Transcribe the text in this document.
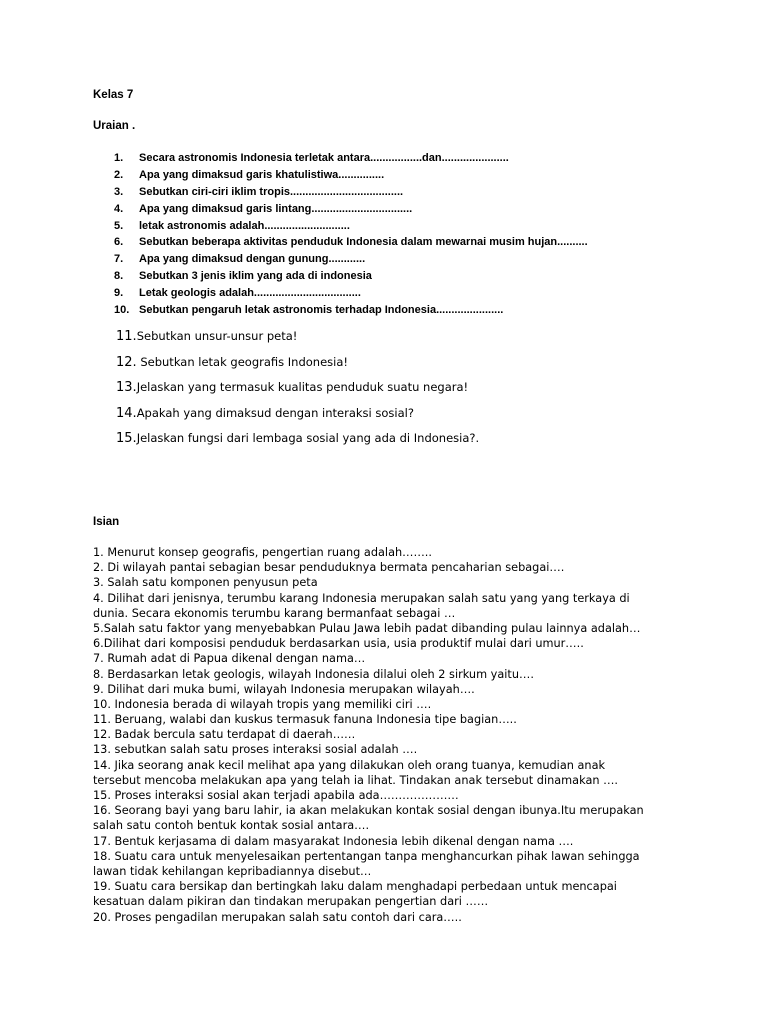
Kelas 7
Uraian .
1. Secara astronomis Indonesia terletak antara.................dan......................
2. Apa yang dimaksud garis khatulistiwa...............
3. Sebutkan ciri-ciri iklim tropis.....................................
4. Apa yang dimaksud garis lintang.................................
5. letak astronomis adalah............................
6. Sebutkan beberapa aktivitas penduduk Indonesia dalam mewarnai musim hujan..........
7. Apa yang dimaksud dengan gunung............
8. Sebutkan 3 jenis iklim yang ada di indonesia
9. Letak geologis adalah...................................
10. Sebutkan pengaruh letak astronomis terhadap Indonesia......................
11.Sebutkan unsur-unsur peta!
12. Sebutkan letak geografis Indonesia!
13.Jelaskan yang termasuk kualitas penduduk suatu negara!
14.Apakah yang dimaksud dengan interaksi sosial?
15.Jelaskan fungsi dari lembaga sosial yang ada di Indonesia?.
Isian
1. Menurut konsep geografis, pengertian ruang adalah……..
2. Di wilayah pantai sebagian besar penduduknya bermata pencaharian sebagai….
3. Salah satu komponen penyusun peta
4. Dilihat dari jenisnya, terumbu karang Indonesia merupakan salah satu yang yang terkaya di
dunia. Secara ekonomis terumbu karang bermanfaat sebagai …
5.Salah satu faktor yang menyebabkan Pulau Jawa lebih padat dibanding pulau lainnya adalah…
6.Dilihat dari komposisi penduduk berdasarkan usia, usia produktif mulai dari umur…..
7. Rumah adat di Papua dikenal dengan nama…
8. Berdasarkan letak geologis, wilayah Indonesia dilalui oleh 2 sirkum yaitu….
9. Dilihat dari muka bumi, wilayah Indonesia merupakan wilayah….
10. Indonesia berada di wilayah tropis yang memiliki ciri ….
11. Beruang, walabi dan kuskus termasuk fanuna Indonesia tipe bagian…..
12. Badak bercula satu terdapat di daerah……
13. sebutkan salah satu proses interaksi sosial adalah ….
14. Jika seorang anak kecil melihat apa yang dilakukan oleh orang tuanya, kemudian anak
tersebut mencoba melakukan apa yang telah ia lihat. Tindakan anak tersebut dinamakan ….
15. Proses interaksi sosial akan terjadi apabila ada…………………
16. Seorang bayi yang baru lahir, ia akan melakukan kontak sosial dengan ibunya.Itu merupakan
salah satu contoh bentuk kontak sosial antara….
17. Bentuk kerjasama di dalam masyarakat Indonesia lebih dikenal dengan nama ….
18. Suatu cara untuk menyelesaikan pertentangan tanpa menghancurkan pihak lawan sehingga
lawan tidak kehilangan kepribadiannya disebut…
19. Suatu cara bersikap dan bertingkah laku dalam menghadapi perbedaan untuk mencapai
kesatuan dalam pikiran dan tindakan merupakan pengertian dari ……
20. Proses pengadilan merupakan salah satu contoh dari cara…..
